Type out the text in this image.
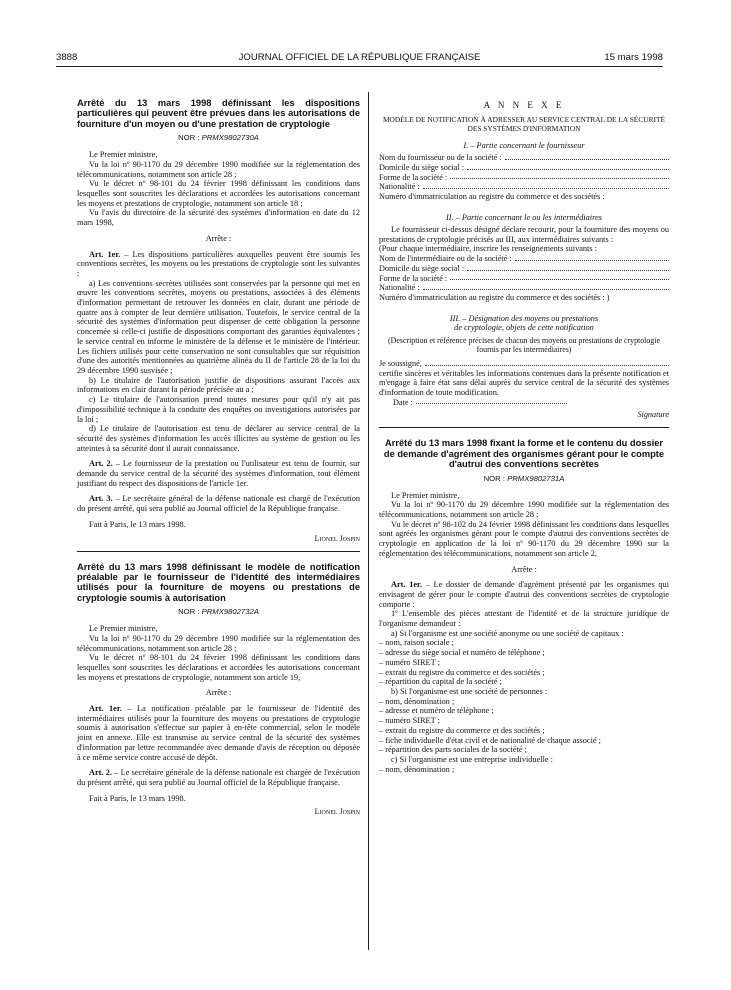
3888	JOURNAL OFFICIEL DE LA RÉPUBLIQUE FRANÇAISE	15 mars 1998
Arrêté du 13 mars 1998 définissant les dispositions particulières qui peuvent être prévues dans les autorisations de fourniture d'un moyen ou d'une prestation de cryptologie
NOR : PRMX9802730A

Le Premier ministre,

Vu la loi nº 90-1170 du 29 décembre 1990 modifiée sur la réglementation des télécommunications, notamment son article 28 ;

Vu le décret nº 98-101 du 24 février 1998 définissant les conditions dans lesquelles sont souscrites les déclarations et accordées les autorisations concernant les moyens et prestations de cryptologie, notamment son article 18 ;

Vu l'avis du directoire de la sécurité des systèmes d'information en date du 12 mars 1998,

Arrête :

Art. 1er. – Les dispositions particulières auxquelles peuvent être soumis les conventions secrètes, les moyens ou les prestations de cryptologie sont les suivantes :

a) Les conventions secrètes utilisées sont conservées par la personne qui met en œuvre les conventions secrètes, moyens ou prestations, associées à des éléments d'information permettant de retrouver les données en clair, durant une période de quatre ans à compter de leur dernière utilisation. Toutefois, le service central de la sécurité des systèmes d'information peut dispenser de cette obligation la personne concernée si celle-ci justifie de dispositions comportant des garanties équivalentes ; le service central en informe le ministère de la défense et le ministère de l'intérieur. Les fichiers utilisés pour cette conservation ne sont consultables que sur réquisition d'une des autorités mentionnées au quatrième alinéa du II de l'article 28 de la loi du 29 décembre 1990 susvisée ;

b) Le titulaire de l'autorisation justifie de dispositions assurant l'accès aux informations en clair durant la période précisée au a ;

c) Le titulaire de l'autorisation prend toutes mesures pour qu'il n'y ait pas d'impossibilité technique à la conduite des enquêtes ou investigations autorisées par la loi ;

d) Le titulaire de l'autorisation est tenu de déclarer au service central de la sécurité des systèmes d'information les accès illicites au système de gestion ou les atteintes à sa sécurité dont il aurait connaissance.

Art. 2. – Le fournisseur de la prestation ou l'utilisateur est tenu de fournir, sur demande du service central de la sécurité des systèmes d'information, tout élément justifiant du respect des dispositions de l'article 1er.

Art. 3. – Le secrétaire général de la défense nationale est chargé de l'exécution du présent arrêté, qui sera publié au Journal officiel de la République française.

Fait à Paris, le 13 mars 1998.

Lionel Jospin
Arrêté du 13 mars 1998 définissant le modèle de notification préalable par le fournisseur de l'identité des intermédiaires utilisés pour la fourniture de moyens ou prestations de cryptologie soumis à autorisation
NOR : PRMX9802732A

Le Premier ministre,

Vu la loi nº 90-1170 du 29 décembre 1990 modifiée sur la réglementation des télécommunications, notamment son article 28 ;

Vu le décret nº 98-101 du 24 février 1998 définissant les conditions dans lesquelles sont souscrites les déclarations et accordées les autorisations concernant les moyens et prestations de cryptologie, notamment son article 19,

Arrête :

Art. 1er. – La notification préalable par le fournisseur de l'identité des intermédiaires utilisés pour la fourniture des moyens ou prestations de cryptologie soumis à autorisation s'effectue sur papier à en-tête commercial, selon le modèle joint en annexe. Elle est transmise au service central de la sécurité des systèmes d'information par lettre recommandée avec demande d'avis de réception ou déposée à ce même service contre accusé de dépôt.

Art. 2. – Le secrétaire générale de la défense nationale est chargée de l'exécution du présent arrêté, qui sera publié au Journal officiel de la République française.

Fait à Paris, le 13 mars 1998.

Lionel Jospin
A N N E X E
MODÈLE DE NOTIFICATION À ADRESSER AU SERVICE CENTRAL DE LA SÉCURITÉ DES SYSTÈMES D'INFORMATION
I. – Partie concernant le fournisseur
Nom du fournisseur ou de la société :
Domicile du siège social :
Forme de la société :
Nationalité :

Numéro d'immatriculation au registre du commerce et des sociétés :

II. – Partie concernant le ou les intermédiaires

Le fournisseur ci-dessus désigné déclare recourir, pour la fourniture des moyens ou prestations de cryptologie précisés au III, aux intermédiaires suivants :

(Pour chaque intermédiaire, inscrire les renseignements suivants :

Nom de l'intermédiaire ou de la société :
Domicile du siège social :
Forme de la société :
Nationalité :

Numéro d'immatriculation au registre du commerce et des sociétés : )

III. – Désignation des moyens ou prestations
de cryptologie, objets de cette notification
(Description et référence précises de chacun des moyens ou prestations de cryptologie fournis par les intermédiaires)
Je soussigné,

certifie sincères et véritables les informations contenues dans la présente notification et m'engage à faire état sans délai auprès du service central de la sécurité des systèmes d'information de toute modification.

Date :
Signature
Arrêté du 13 mars 1998 fixant la forme et le contenu du dossier de demande d'agrément des organismes gérant pour le compte d'autrui des conventions secrètes
NOR : PRMX9802731A

Le Premier ministre,

Vu la loi nº 90-1170 du 29 décembre 1990 modifiée sur la réglementation des télécommunications, notamment son article 28 ;

Vu le décret nº 98-102 du 24 février 1998 définissant les conditions dans lesquelles sont agréés les organismes gérant pour le compte d'autrui des conventions secrètes de cryptologie en application de la loi nº 90-1170 du 29 décembre 1990 sur la réglementation des télécommunications, notamment son article 2,

Arrête :

Art. 1er. – Le dossier de demande d'agrément présenté par les organismes qui envisagent de gérer pour le compte d'autrui des conventions secrètes de cryptologie comporte :

1º L'ensemble des pièces attestant de l'identité et de la structure juridique de l'organisme demandeur :

a) Si l'organisme est une société anonyme ou une société de capitaux :

– nom, raison sociale ;

– adresse du siège social et numéro de téléphone ;

– numéro SIRET ;

– extrait du registre du commerce et des sociétés ;

– répartition du capital de la société ;

b) Si l'organisme est une société de personnes :

– nom, dénomination ;

– adresse et numéro de téléphone ;

– numéro SIRET ;

– extrait du registre du commerce et des sociétés ;

– fiche individuelle d'état civil et de nationalité de chaque associé ;

– répartition des parts sociales de la société ;

c) Si l'organisme est une entreprise individuelle :

– nom, dénomination ;
